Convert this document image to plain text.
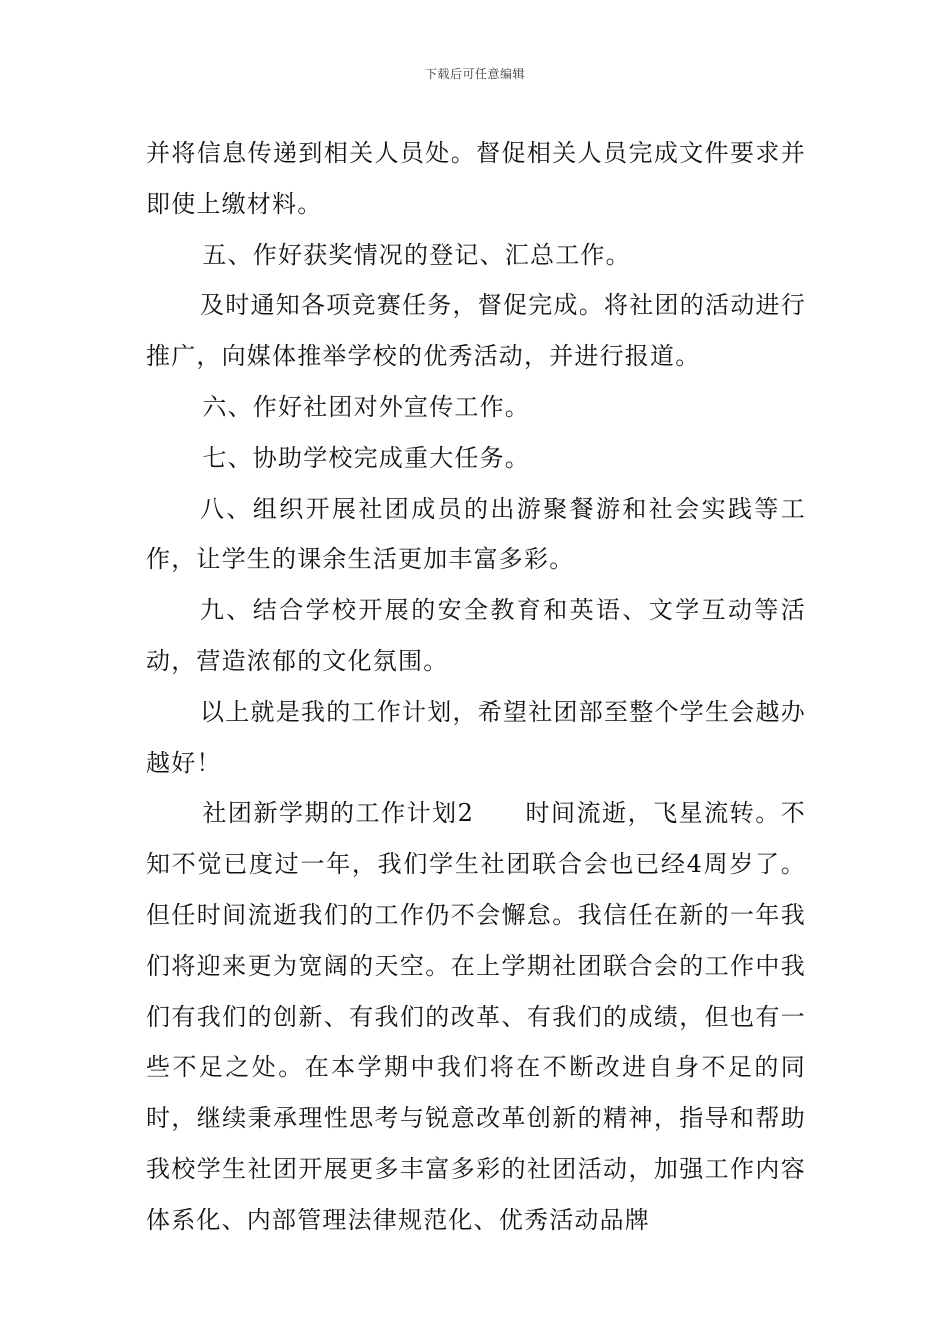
下载后可任意编辑

并将信息传递到相关人员处。督促相关人员完成文件要求并即使上缴材料。

五、作好获奖情况的登记、汇总工作。

及时通知各项竞赛任务，督促完成。将社团的活动进行推广，向媒体推举学校的优秀活动，并进行报道。

六、作好社团对外宣传工作。

七、协助学校完成重大任务。

八、组织开展社团成员的出游聚餐游和社会实践等工作，让学生的课余生活更加丰富多彩。

九、结合学校开展的安全教育和英语、文学互动等活动，营造浓郁的文化氛围。

以上就是我的工作计划，希望社团部至整个学生会越办越好！

社团新学期的工作计划2　　时间流逝，飞星流转。不知不觉已度过一年，我们学生社团联合会也已经4周岁了。但任时间流逝我们的工作仍不会懈怠。我信任在新的一年我们将迎来更为宽阔的天空。在上学期社团联合会的工作中我们有我们的创新、有我们的改革、有我们的成绩，但也有一些不足之处。在本学期中我们将在不断改进自身不足的同时，继续秉承理性思考与锐意改革创新的精神，指导和帮助我校学生社团开展更多丰富多彩的社团活动，加强工作内容体系化、内部管理法律规范化、优秀活动品牌
